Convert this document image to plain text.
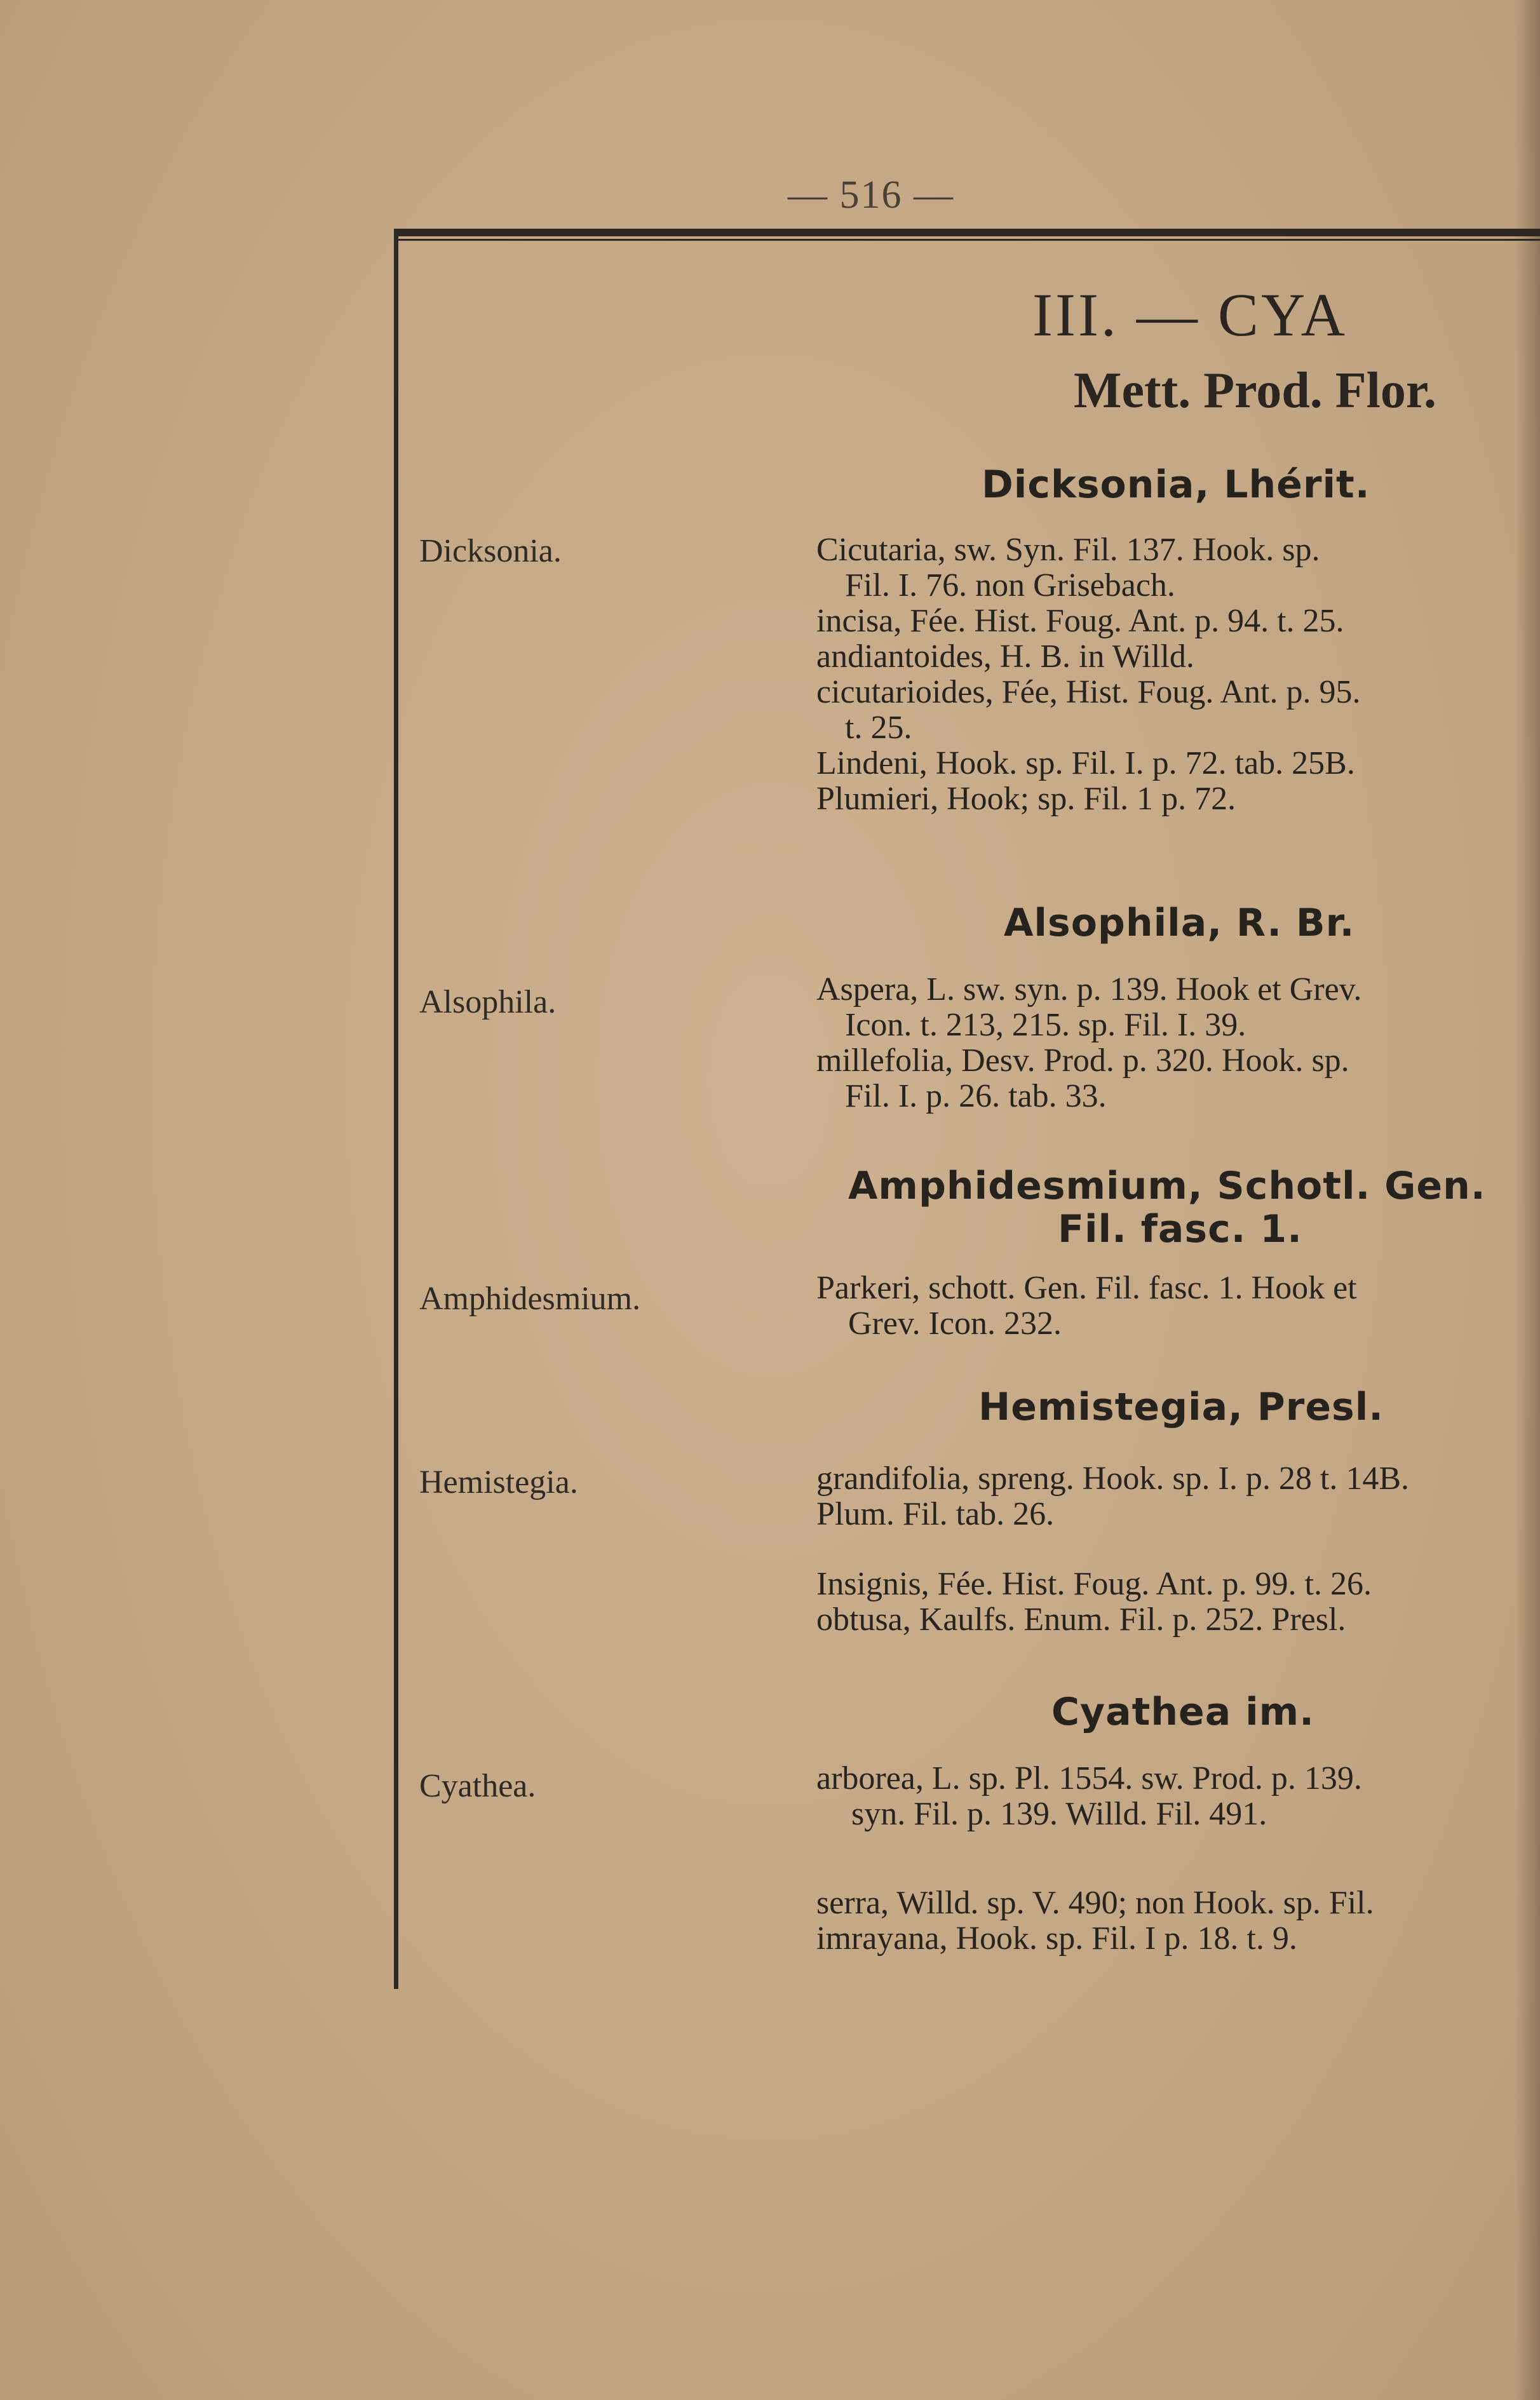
— 516 —
III. — CYA
Mett. Prod. Flor.
Dicksonia, Lhérit.
Dicksonia.	Cicutaria, sw. Syn. Fil. 137. Hook. sp.
Fil. I. 76. non Grisebach.
incisa, Fée. Hist. Foug. Ant. p. 94. t. 25.
andiantoides, H. B. in Willd.
cicutarioides, Fée, Hist. Foug. Ant. p. 95.
t. 25.
Lindeni, Hook. sp. Fil. I. p. 72. tab. 25B.
Plumieri, Hook; sp. Fil. 1 p. 72.
Alsophila, R. Br.
Alsophila.	Aspera, L. sw. syn. p. 139. Hook et Grev.
Icon. t. 213, 215. sp. Fil. I. 39.
millefolia, Desv. Prod. p. 320. Hook. sp.
Fil. I. p. 26. tab. 33.
Amphidesmium, Schotl. Gen.
Fil. fasc. 1.
Amphidesmium.	Parkeri, schott. Gen. Fil. fasc. 1. Hook et
Grev. Icon. 232.
Hemistegia, Presl.
Hemistegia.	grandifolia, spreng. Hook. sp. I. p. 28 t. 14B.
Plum. Fil. tab. 26.
Insignis, Fée. Hist. Foug. Ant. p. 99. t. 26.
obtusa, Kaulfs. Enum. Fil. p. 252. Presl.
Cyathea im.
Cyathea.	arborea, L. sp. Pl. 1554. sw. Prod. p. 139.
syn. Fil. p. 139. Willd. Fil. 491.
serra, Willd. sp. V. 490; non Hook. sp. Fil.
imrayana, Hook. sp. Fil. I p. 18. t. 9.
